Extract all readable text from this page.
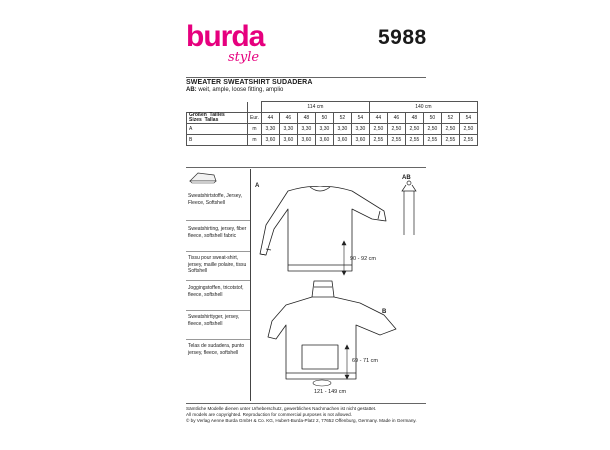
burda
style
5988
SWEATER SWEATSHIRT SUDADERA
AB: weit, ample, loose fitting, amplio
		114 cm						140 cm					
Größen  Tailles
Sizes  Tallas	Eur.	44	46	48	50	52	54	44	46	48	50	52	54
A	m	3,30	3,30	3,30	3,30	3,30	3,30	2,50	2,50	2,50	2,50	2,50	2,50
B	m	3,60	3,60	3,60	3,60	3,60	3,60	2,55	2,55	2,55	2,55	2,55	2,55
Sweatshirtstoffe, Jersey, Fleece, Softshell
Sweatshirting, jersey, fiber fleece, softshell fabric
Tissu pour sweat-shirt, jersey, maille polaire, tissu Softshell
Joggingstoffen, tricotstof, fleece, softshell
Sweatshirttyger, jersey, fleece, softshell
Telas de sudadera, punto jersey, fleece, softshell
A
AB
90 - 92 cm
B
69 - 71 cm
121 - 149 cm
Sämtliche Modelle dienen unter Urheberschutz, gewerbliches Nachmachen ist nicht gestattet.
All models are copyrighted. Reproduction for commercial purposes is not allowed.
© by Verlag Aenne Burda GmbH & Co. KG, Hubert-Burda-Platz 2, 77652 Offenburg, Germany. Made in Germany.
